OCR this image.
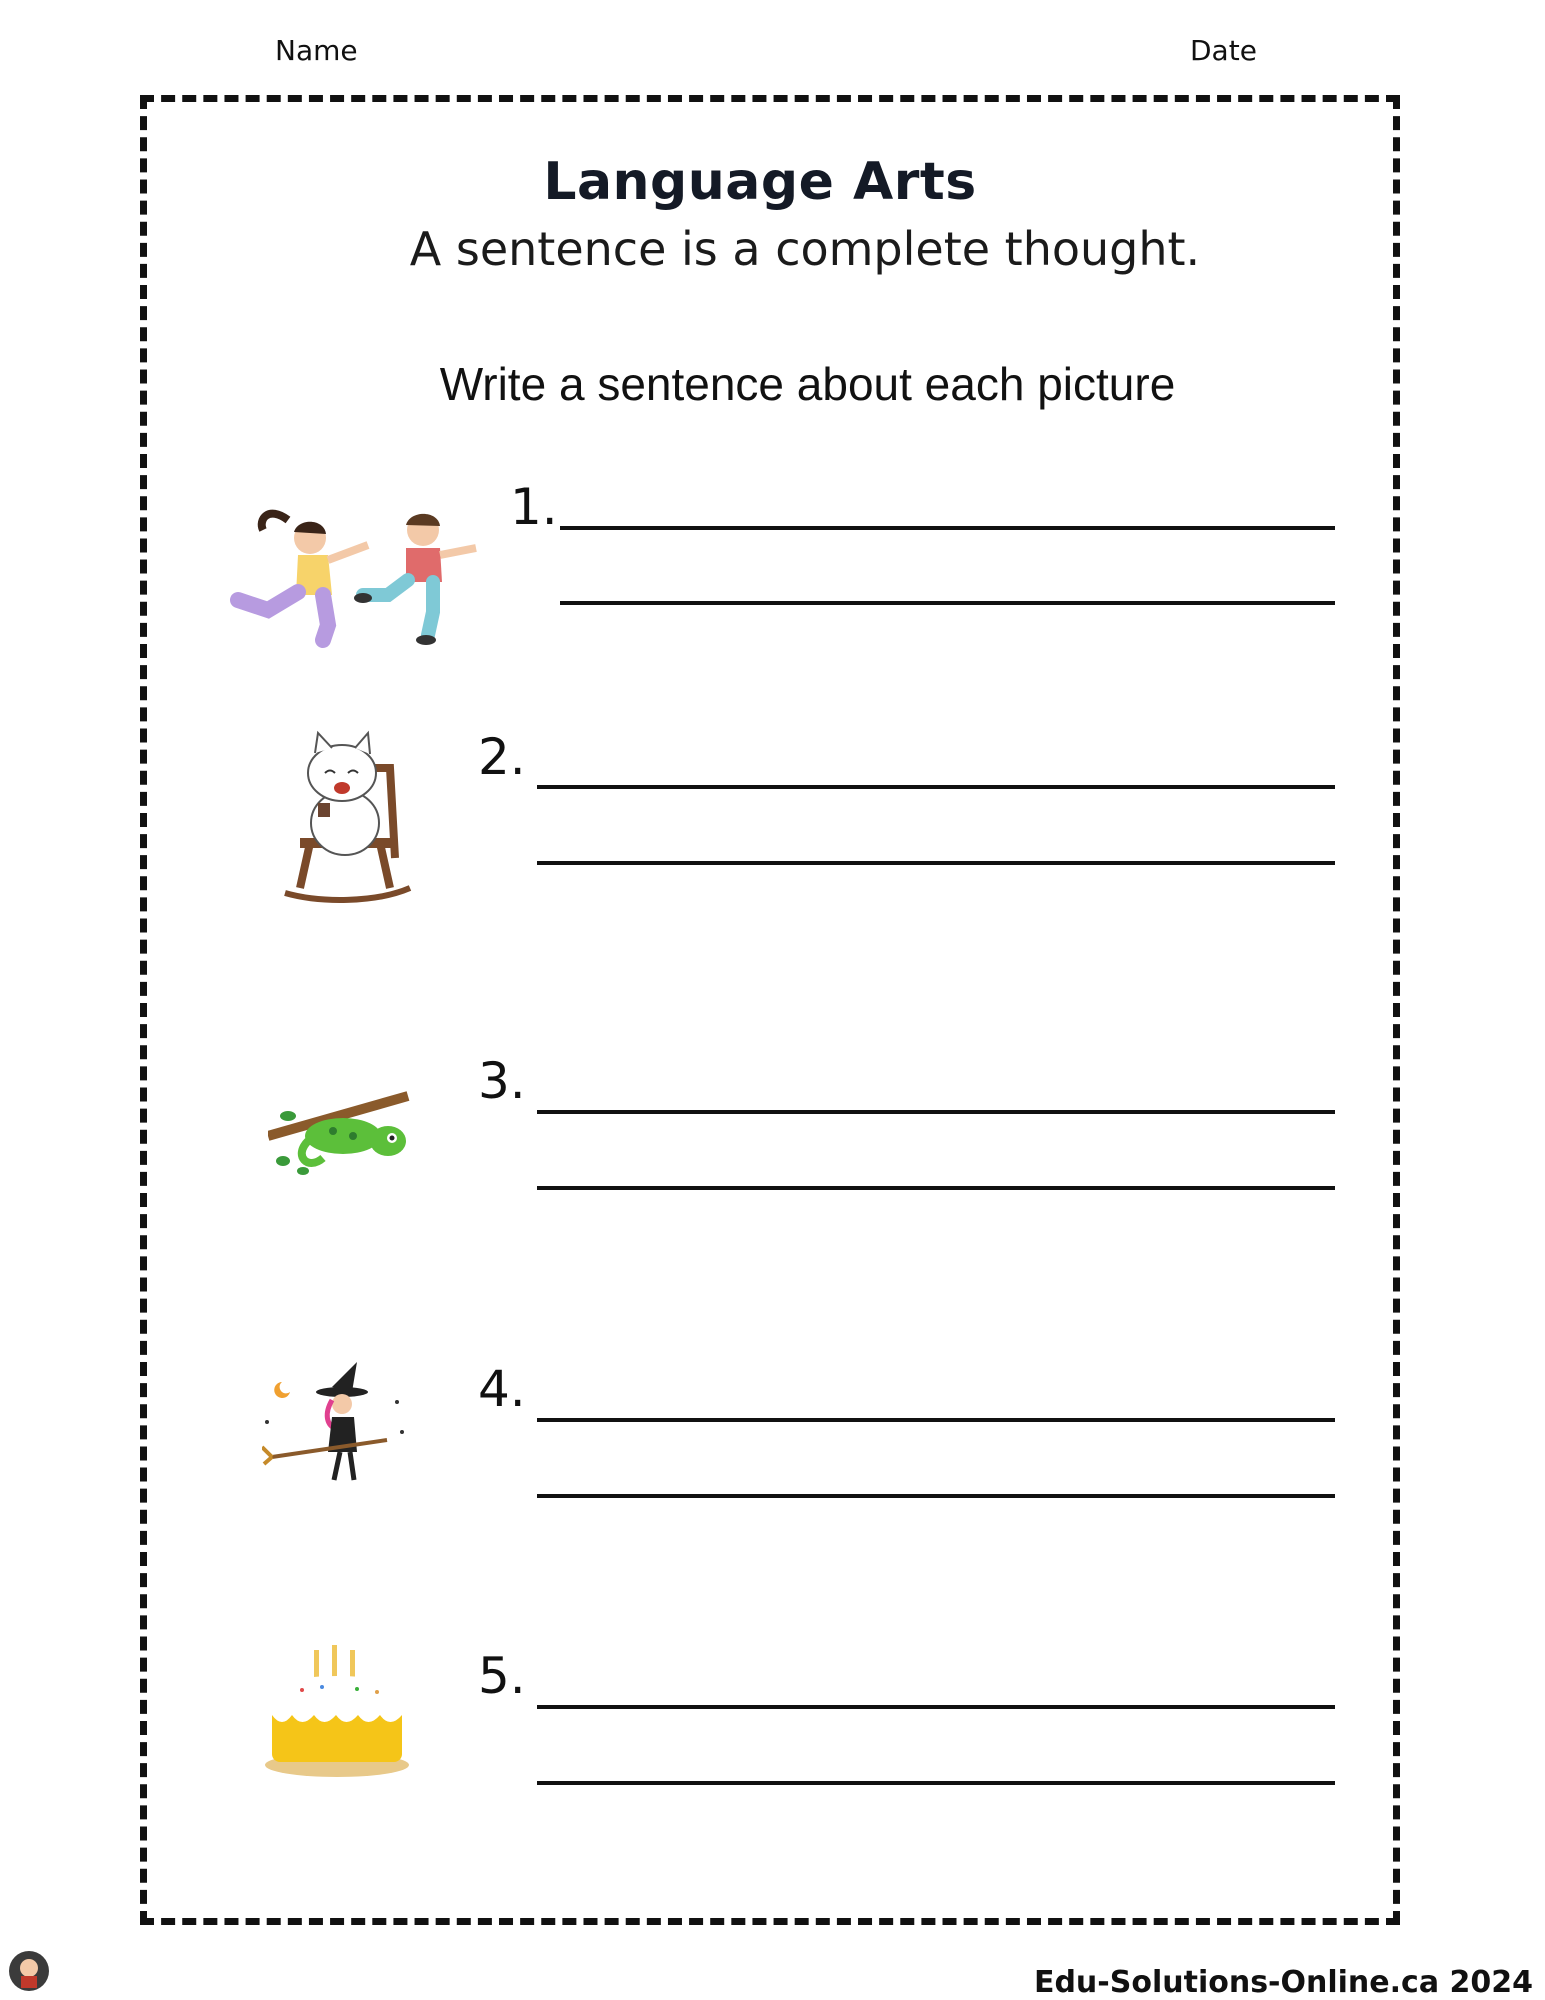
Name	Date
Language Arts
A sentence is a complete thought.
Write a sentence about each picture
1.
2.
3.
4.
5.
Edu-Solutions-Online.ca 2024
